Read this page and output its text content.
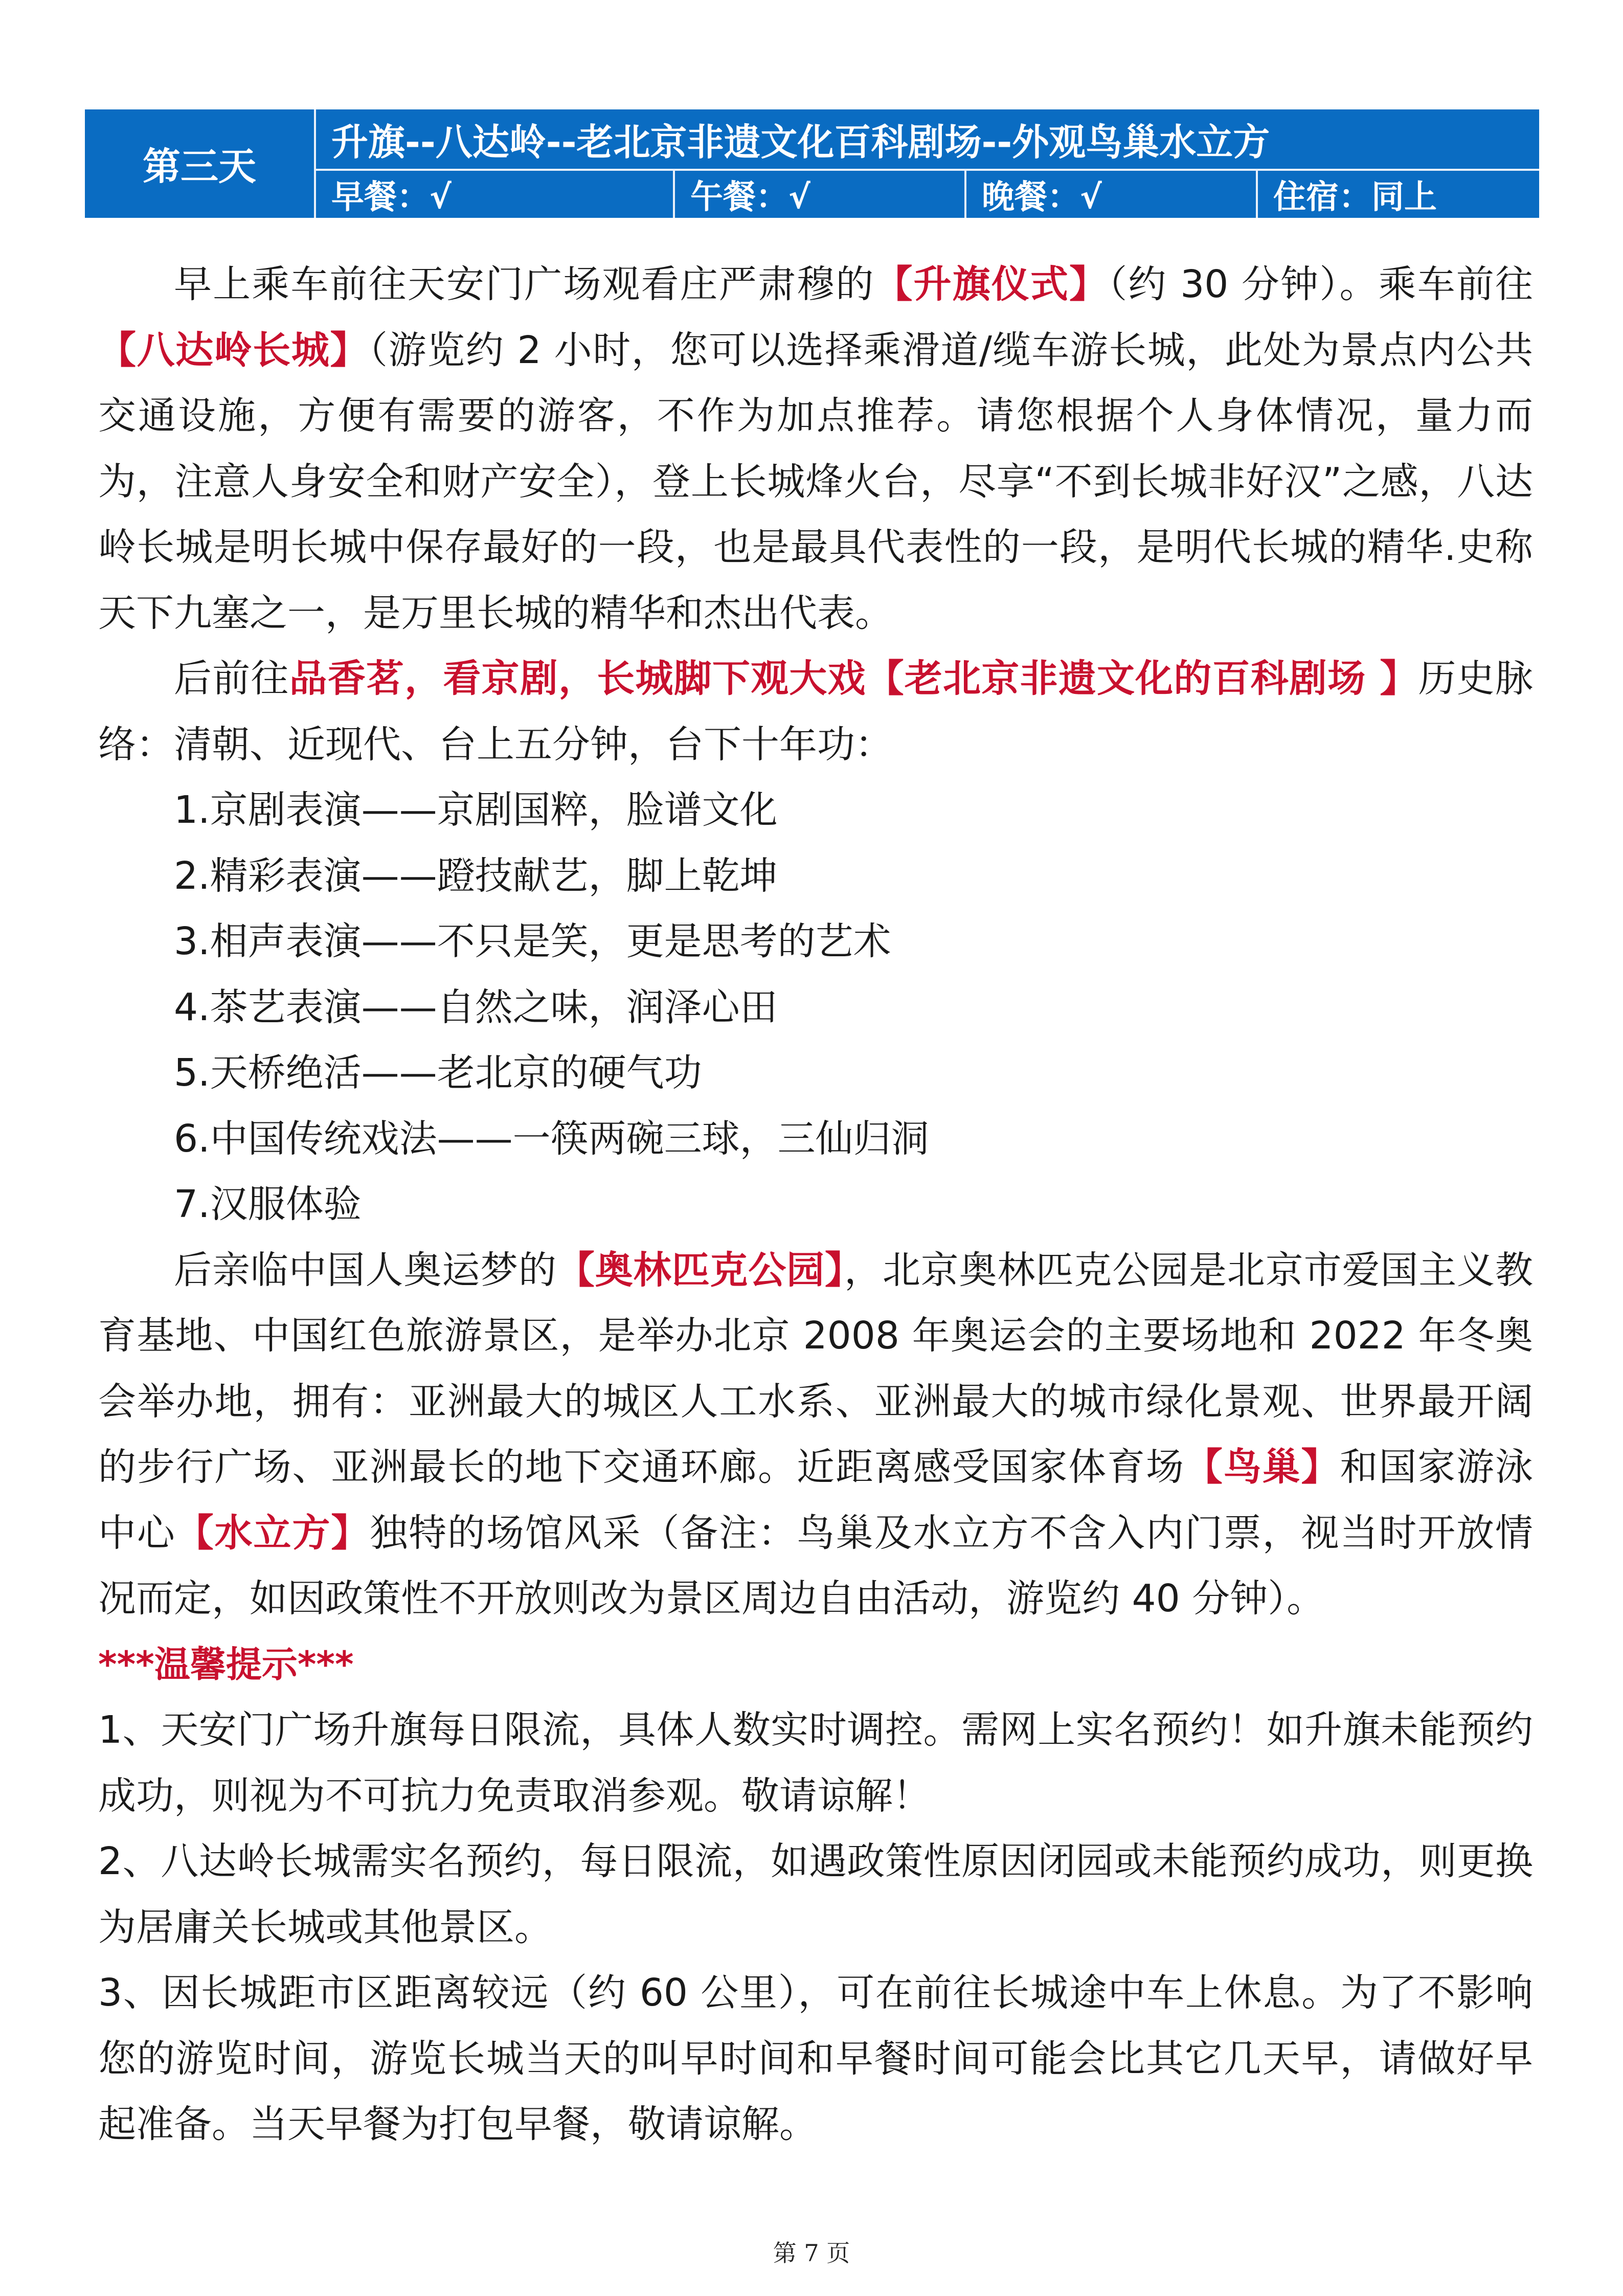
第三天
升旗--八达岭--老北京非遗文化百科剧场--外观鸟巢水立方
早餐：√	午餐：√	晚餐：√	住宿：同上

早上乘车前往天安门广场观看庄严肃穆的【升旗仪式】（约 30 分钟）。乘车前往【八达岭长城】（游览约 2 小时，您可以选择乘滑道/缆车游长城，此处为景点内公共交通设施，方便有需要的游客，不作为加点推荐。请您根据个人身体情况，量力而为，注意人身安全和财产安全），登上长城烽火台，尽享“不到长城非好汉”之感，八达岭长城是明长城中保存最好的一段，也是最具代表性的一段，是明代长城的精华.史称天下九塞之一，是万里长城的精华和杰出代表。

后前往品香茗，看京剧，长城脚下观大戏【老北京非遗文化的百科剧场 】历史脉络：清朝、近现代、台上五分钟，台下十年功：

1.京剧表演——京剧国粹，脸谱文化

2.精彩表演——蹬技献艺，脚上乾坤

3.相声表演——不只是笑，更是思考的艺术

4.茶艺表演——自然之味，润泽心田

5.天桥绝活——老北京的硬气功

6.中国传统戏法——一筷两碗三球，三仙归洞

7.汉服体验

后亲临中国人奥运梦的【奥林匹克公园】，北京奥林匹克公园是北京市爱国主义教育基地、中国红色旅游景区，是举办北京 2008 年奥运会的主要场地和 2022 年冬奥会举办地，拥有：亚洲最大的城区人工水系、亚洲最大的城市绿化景观、世界最开阔的步行广场、亚洲最长的地下交通环廊。近距离感受国家体育场【鸟巢】和国家游泳中心【水立方】独特的场馆风采（备注：鸟巢及水立方不含入内门票，视当时开放情况而定，如因政策性不开放则改为景区周边自由活动，游览约 40 分钟）。

***温馨提示***

1、天安门广场升旗每日限流，具体人数实时调控。需网上实名预约！如升旗未能预约成功，则视为不可抗力免责取消参观。敬请谅解！

2、八达岭长城需实名预约，每日限流，如遇政策性原因闭园或未能预约成功，则更换为居庸关长城或其他景区。

3、因长城距市区距离较远（约 60 公里），可在前往长城途中车上休息。为了不影响您的游览时间，游览长城当天的叫早时间和早餐时间可能会比其它几天早，请做好早起准备。当天早餐为打包早餐，敬请谅解。

第 7 页
